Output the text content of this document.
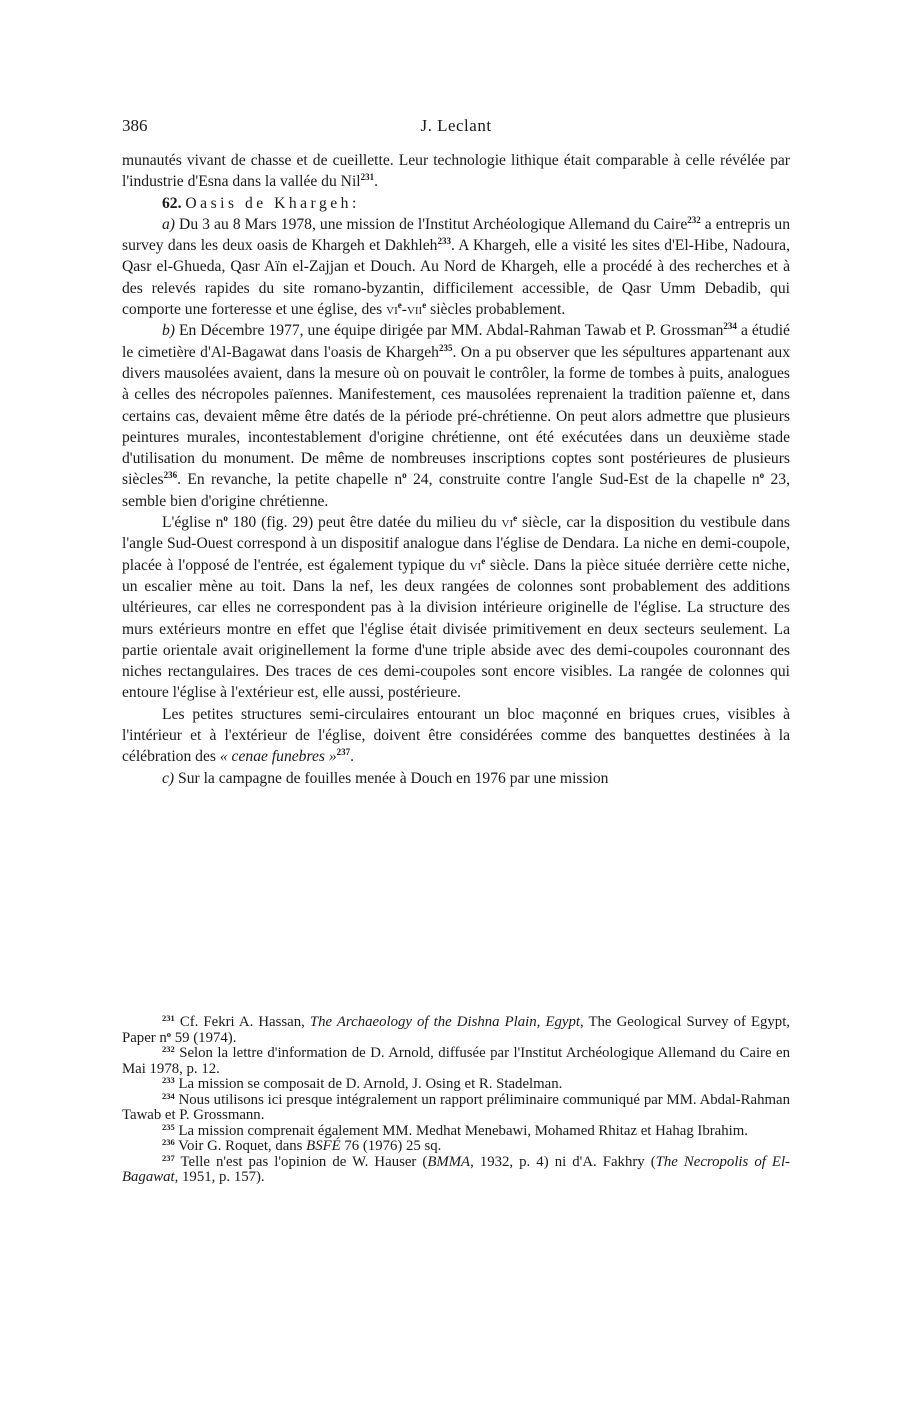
386	J. Leclant

munautés vivant de chasse et de cueillette. Leur technologie lithique était comparable à celle révélée par l'industrie d'Esna dans la vallée du Nil$^{231}$.

62. Oasis de Khargeh:

a) Du 3 au 8 Mars 1978, une mission de l'Institut Archéologique Allemand du Caire$^{232}$ a entrepris un survey dans les deux oasis de Khargeh et Dakhleh$^{233}$. A Khargeh, elle a visité les sites d'El-Hibe, Nadoura, Qasr el-Ghueda, Qasr Aïn el-Zajjan et Douch. Au Nord de Khargeh, elle a procédé à des recherches et à des relevés rapides du site romano-byzantin, difficilement accessible, de Qasr Umm Debadib, qui comporte une forteresse et une église, des $vi^e-vii^e$ siècles probablement.

b) En Décembre 1977, une équipe dirigée par MM. Abdal-Rahman Tawab et P. Grossman$^{234}$ a étudié le cimetière d'Al-Bagawat dans l'oasis de Khargeh$^{235}$. On a pu observer que les sépultures appartenant aux divers mausolées avaient, dans la mesure où on pouvait le contrôler, la forme de tombes à puits, analogues à celles des nécropoles païennes. Manifestement, ces mausolées reprenaient la tradition païenne et, dans certains cas, devaient même être datés de la période pré-chrétienne. On peut alors admettre que plusieurs peintures murales, incontestablement d'origine chrétienne, ont été exécutées dans un deuxième stade d'utilisation du monument. De même de nombreuses inscriptions coptes sont postérieures de plusieurs siècles$^{236}$. En revanche, la petite chapelle $n^o$ 24, construite contre l'angle Sud-Est de la chapelle $n^o$ 23, semble bien d'origine chrétienne.

L'église $n^o$ 180 (fig. 29) peut être datée du milieu du $vi^e$ siècle, car la disposition du vestibule dans l'angle Sud-Ouest correspond à un dispositif analogue dans l'église de Dendara. La niche en demi-coupole, placée à l'opposé de l'entrée, est également typique du $vi^e$ siècle. Dans la pièce située derrière cette niche, un escalier mène au toit. Dans la nef, les deux rangées de colonnes sont probablement des additions ultérieures, car elles ne correspondent pas à la division intérieure originelle de l'église. La structure des murs extérieurs montre en effet que l'église était divisée primitivement en deux secteurs seulement. La partie orientale avait originellement la forme d'une triple abside avec des demi-coupoles couronnant des niches rectangulaires. Des traces de ces demi-coupoles sont encore visibles. La rangée de colonnes qui entoure l'église à l'extérieur est, elle aussi, postérieure.

Les petites structures semi-circulaires entourant un bloc maçonné en briques crues, visibles à l'intérieur et à l'extérieur de l'église, doivent être considérées comme des banquettes destinées à la célébration des « cenae funebres »$^{237}$.

c) Sur la campagne de fouilles menée à Douch en 1976 par une mission

$^{231}$ Cf. Fekri A. Hassan, The Archaeology of the Dishna Plain, Egypt, The Geological Survey of Egypt, Paper $n^o$ 59 (1974).

$^{232}$ Selon la lettre d'information de D. Arnold, diffusée par l'Institut Archéologique Allemand du Caire en Mai 1978, p. 12.

$^{233}$ La mission se composait de D. Arnold, J. Osing et R. Stadelman.

$^{234}$ Nous utilisons ici presque intégralement un rapport préliminaire communiqué par MM. Abdal-Rahman Tawab et P. Grossmann.

$^{235}$ La mission comprenait également MM. Medhat Menebawi, Mohamed Rhitaz et Hahag Ibrahim.

$^{236}$ Voir G. Roquet, dans BSFÉ 76 (1976) 25 sq.

$^{237}$ Telle n'est pas l'opinion de W. Hauser (BMMA, 1932, p. 4) ni d'A. Fakhry (The Necropolis of El-Bagawat, 1951, p. 157).
